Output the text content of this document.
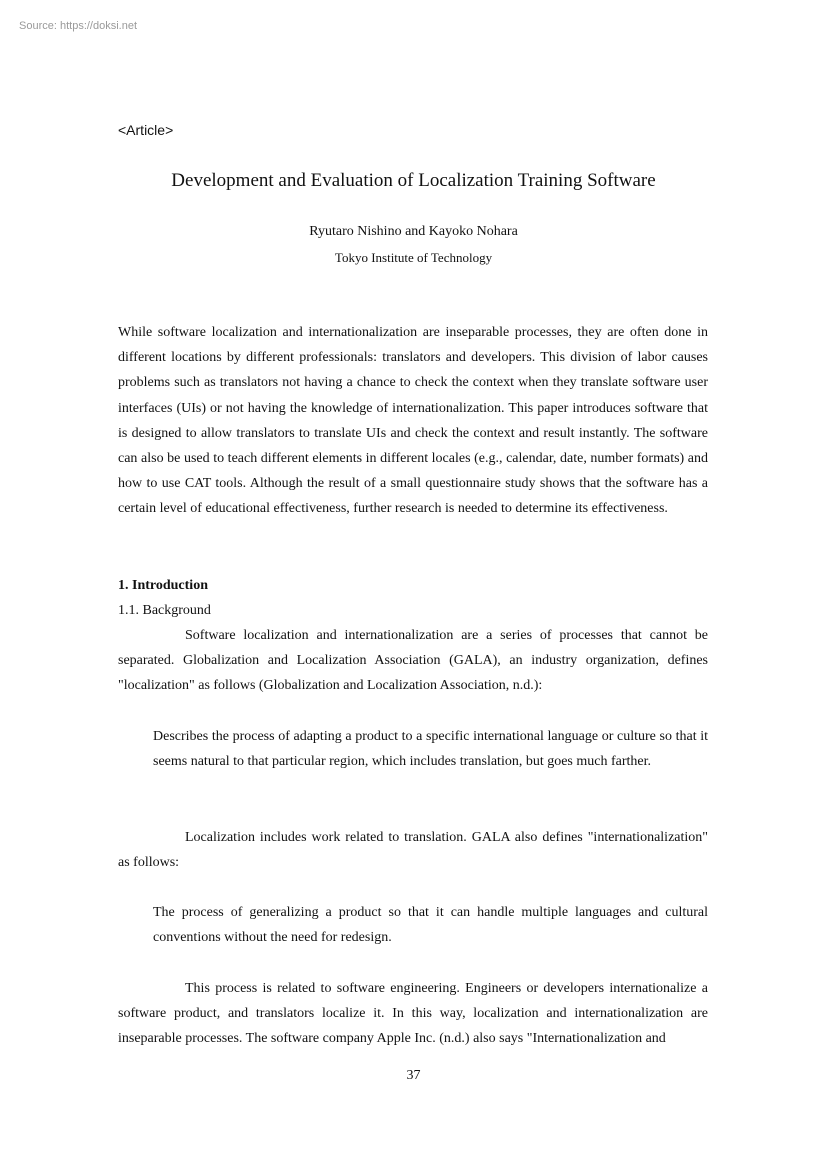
Source: https://doksi.net
<Article>
Development and Evaluation of Localization Training Software
Ryutaro Nishino and Kayoko Nohara
Tokyo Institute of Technology

While software localization and internationalization are inseparable processes, they are often done in different locations by different professionals: translators and developers. This division of labor causes problems such as translators not having a chance to check the context when they translate software user interfaces (UIs) or not having the knowledge of internationalization. This paper introduces software that is designed to allow translators to translate UIs and check the context and result instantly. The software can also be used to teach different elements in different locales (e.g., calendar, date, number formats) and how to use CAT tools. Although the result of a small questionnaire study shows that the software has a certain level of educational effectiveness, further research is needed to determine its effectiveness.

1. Introduction
1.1. Background

Software localization and internationalization are a series of processes that cannot be separated. Globalization and Localization Association (GALA), an industry organization, defines "localization" as follows (Globalization and Localization Association, n.d.):

Describes the process of adapting a product to a specific international language or culture so that it seems natural to that particular region, which includes translation, but goes much farther.

Localization includes work related to translation. GALA also defines "internationalization" as follows:

The process of generalizing a product so that it can handle multiple languages and cultural conventions without the need for redesign.

This process is related to software engineering. Engineers or developers internationalize a software product, and translators localize it. In this way, localization and internationalization are inseparable processes. The software company Apple Inc. (n.d.) also says "Internationalization and

37
